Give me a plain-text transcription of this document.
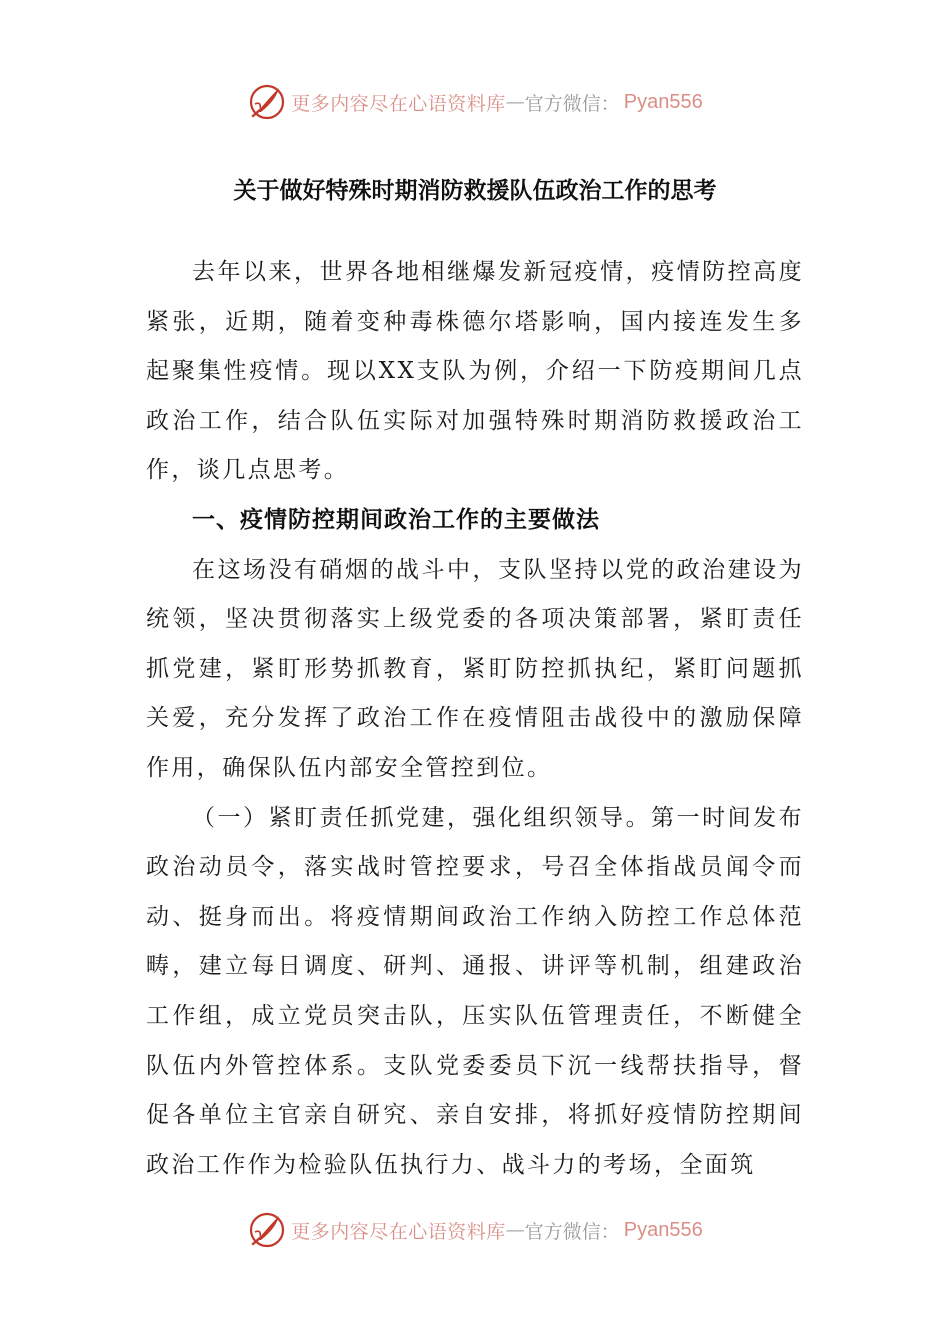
更多内容尽在心语资料库 — 官方微信： Pyan556
关于做好特殊时期消防救援队伍政治工作的思考

去年以来，世界各地相继爆发新冠疫情，疫情防控高度紧张，近期，随着变种毒株德尔塔影响，国内接连发生多起聚集性疫情。现以XX支队为例，介绍一下防疫期间几点政治工作，结合队伍实际对加强特殊时期消防救援政治工作，谈几点思考。

一、疫情防控期间政治工作的主要做法

在这场没有硝烟的战斗中，支队坚持以党的政治建设为统领，坚决贯彻落实上级党委的各项决策部署，紧盯责任抓党建，紧盯形势抓教育，紧盯防控抓执纪，紧盯问题抓关爱，充分发挥了政治工作在疫情阻击战役中的激励保障作用，确保队伍内部安全管控到位。

（一）紧盯责任抓党建，强化组织领导。第一时间发布政治动员令，落实战时管控要求，号召全体指战员闻令而动、挺身而出。将疫情期间政治工作纳入防控工作总体范畴，建立每日调度、研判、通报、讲评等机制，组建政治工作组，成立党员突击队，压实队伍管理责任，不断健全队伍内外管控体系。支队党委委员下沉一线帮扶指导，督促各单位主官亲自研究、亲自安排，将抓好疫情防控期间政治工作作为检验队伍执行力、战斗力的考场，全面筑

更多内容尽在心语资料库 — 官方微信： Pyan556
